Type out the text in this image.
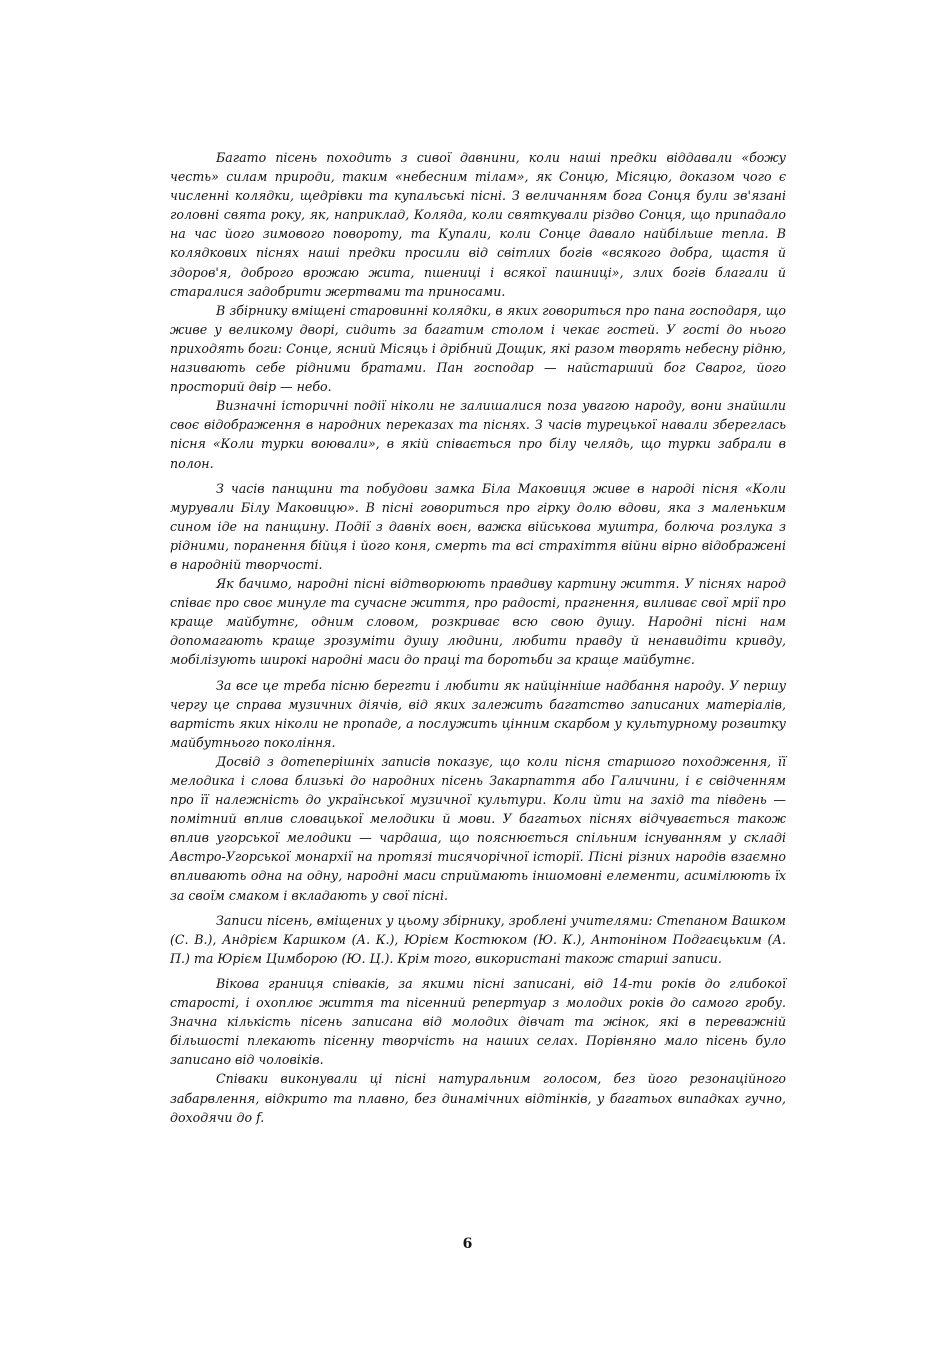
Багато пісень походить з сивої давнини, коли наші предки віддавали «божу честь» силам природи, таким «небесним тілам», як Сонцю, Місяцю, доказом чого є численні колядки, щедрівки та купальські пісні. З величанням бога Сонця були зв'язані головні свята року, як, наприклад, Коляда, коли святкували різдво Сонця, що припадало на час його зимового повороту, та Купали, коли Сонце давало найбільше тепла. В колядкових піснях наші предки просили від світлих богів «всякого добра, щастя й здоров'я, доброго врожаю жита, пшениці і всякої пашниці», злих богів благали й старалися задобрити жертвами та приносами.

В збірнику вміщені старовинні колядки, в яких говориться про пана господаря, що живе у великому дворі, сидить за багатим столом і чекає гостей. У гості до нього приходять боги: Сонце, ясний Місяць і дрібний Дощик, які разом творять небесну рідню, називають себе рідними братами. Пан господар — найстарший бог Сварог, його просторий двір — небо.

Визначні історичні події ніколи не залишалися поза увагою народу, вони знайшли своє відображення в народних переказах та піснях. З часів турецької навали збереглась пісня «Коли турки воювали», в якій співається про білу челядь, що турки забрали в полон.

З часів панщини та побудови замка Біла Маковиця живе в народі пісня «Коли мурували Білу Маковицю». В пісні говориться про гірку долю вдови, яка з маленьким сином іде на панщину. Події з давніх воєн, важка військова муштра, болюча розлука з рідними, поранення бійця і його коня, смерть та всі страхіття війни вірно відображені в народній творчості.

Як бачимо, народні пісні відтворюють правдиву картину життя. У піснях народ співає про своє минуле та сучасне життя, про радості, прагнення, виливає свої мрії про краще майбутнє, одним словом, розкриває всю свою душу. Народні пісні нам допомагають краще зрозуміти душу людини, любити правду й ненавидіти кривду, мобілізують широкі народні маси до праці та боротьби за краще майбутнє.

За все це треба пісню берегти і любити як найцінніше надбання народу. У першу чергу це справа музичних діячів, від яких залежить багатство записаних матеріалів, вартість яких ніколи не пропаде, а послужить цінним скарбом у культурному розвитку майбутнього покоління.

Досвід з дотеперішніх записів показує, що коли пісня старшого походження, її мелодика і слова близькі до народних пісень Закарпаття або Галичини, і є свідченням про її належність до української музичної культури. Коли йти на захід та південь — помітний вплив словацької мелодики й мови. У багатьох піснях відчувається також вплив угорської мелодики — чардаша, що пояснюється спільним існуванням у складі Австро-Угорської монархії на протязі тисячорічної історії. Пісні різних народів взаємно впливають одна на одну, народні маси сприймають іншомовні елементи, асимілюють їх за своїм смаком і вкладають у свої пісні.

Записи пісень, вміщених у цьому збірнику, зроблені учителями: Степаном Вашком (С. В.), Андрієм Каршком (А. К.), Юрієм Костюком (Ю. К.), Антоніном Подгаєцьким (А. П.) та Юрієм Цимборою (Ю. Ц.). Крім того, використані також старші записи.

Вікова границя співаків, за якими пісні записані, від 14-ти років до глибокої старості, і охоплює життя та пісенний репертуар з молодих років до самого гробу. Значна кількість пісень записана від молодих дівчат та жінок, які в переважній більшості плекають пісенну творчість на наших селах. Порівняно мало пісень було записано від чоловіків.

Співаки виконували ці пісні натуральним голосом, без його резонаційного забарвлення, відкрито та плавно, без динамічних відтінків, у багатьох випадках гучно, доходячи до f.

6
